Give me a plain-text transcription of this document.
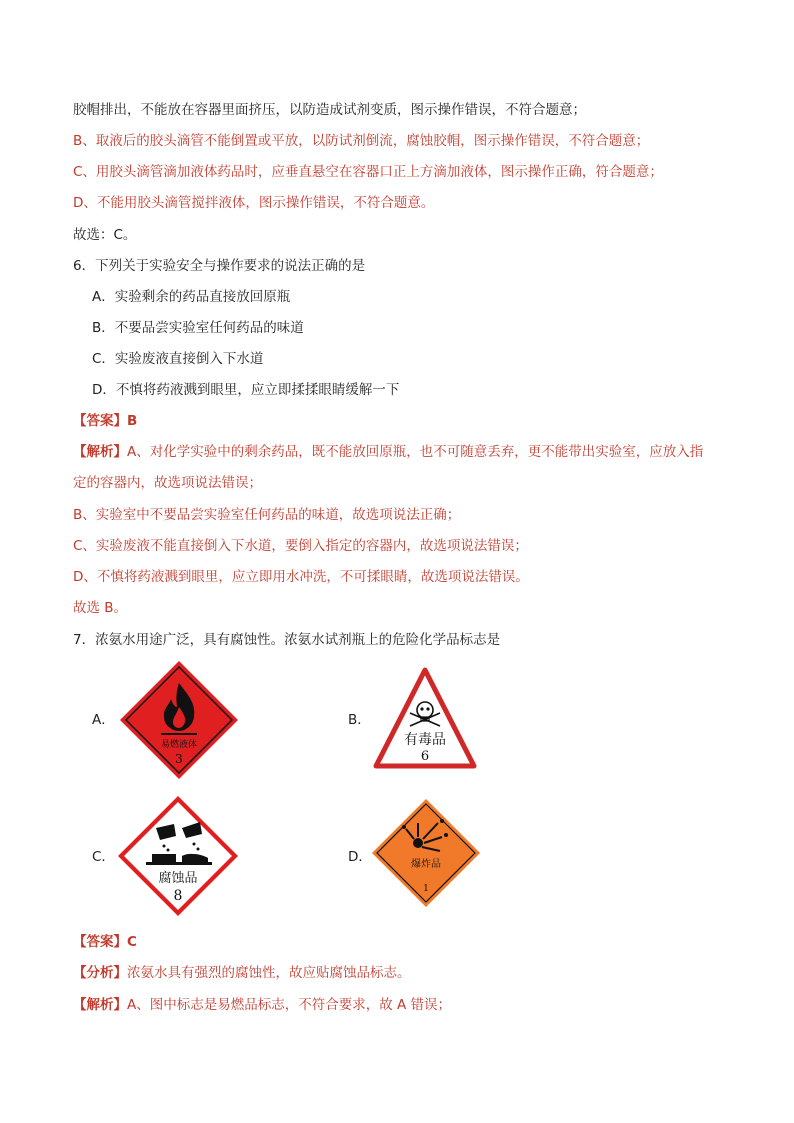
胶帽排出，不能放在容器里面挤压，以防造成试剂变质，图示操作错误，不符合题意；
B、取液后的胶头滴管不能倒置或平放，以防试剂倒流，腐蚀胶帽，图示操作错误，不符合题意；
C、用胶头滴管滴加液体药品时，应垂直悬空在容器口正上方滴加液体，图示操作正确，符合题意；
D、不能用胶头滴管搅拌液体，图示操作错误，不符合题意。
故选：C。
6．下列关于实验安全与操作要求的说法正确的是
A．实验剩余的药品直接放回原瓶
B．不要品尝实验室任何药品的味道
C．实验废液直接倒入下水道
D．不慎将药液溅到眼里，应立即揉揉眼睛缓解一下
【答案】B
【解析】A、对化学实验中的剩余药品，既不能放回原瓶，也不可随意丢弃，更不能带出实验室，应放入指
定的容器内，故选项说法错误；
B、实验室中不要品尝实验室任何药品的味道，故选项说法正确；
C、实验废液不能直接倒入下水道，要倒入指定的容器内，故选项说法错误；
D、不慎将药液溅到眼里，应立即用水冲洗，不可揉眼睛，故选项说法错误。
故选 B。
7．浓氨水用途广泛，具有腐蚀性。浓氨水试剂瓶上的危险化学品标志是
A．
易燃液体
3
B．
有毒品
6
C．
腐蚀品
8
D．	爆炸品
1
【答案】C
【分析】浓氨水具有强烈的腐蚀性，故应贴腐蚀品标志。
【解析】A、图中标志是易燃品标志，不符合要求，故 A 错误；
